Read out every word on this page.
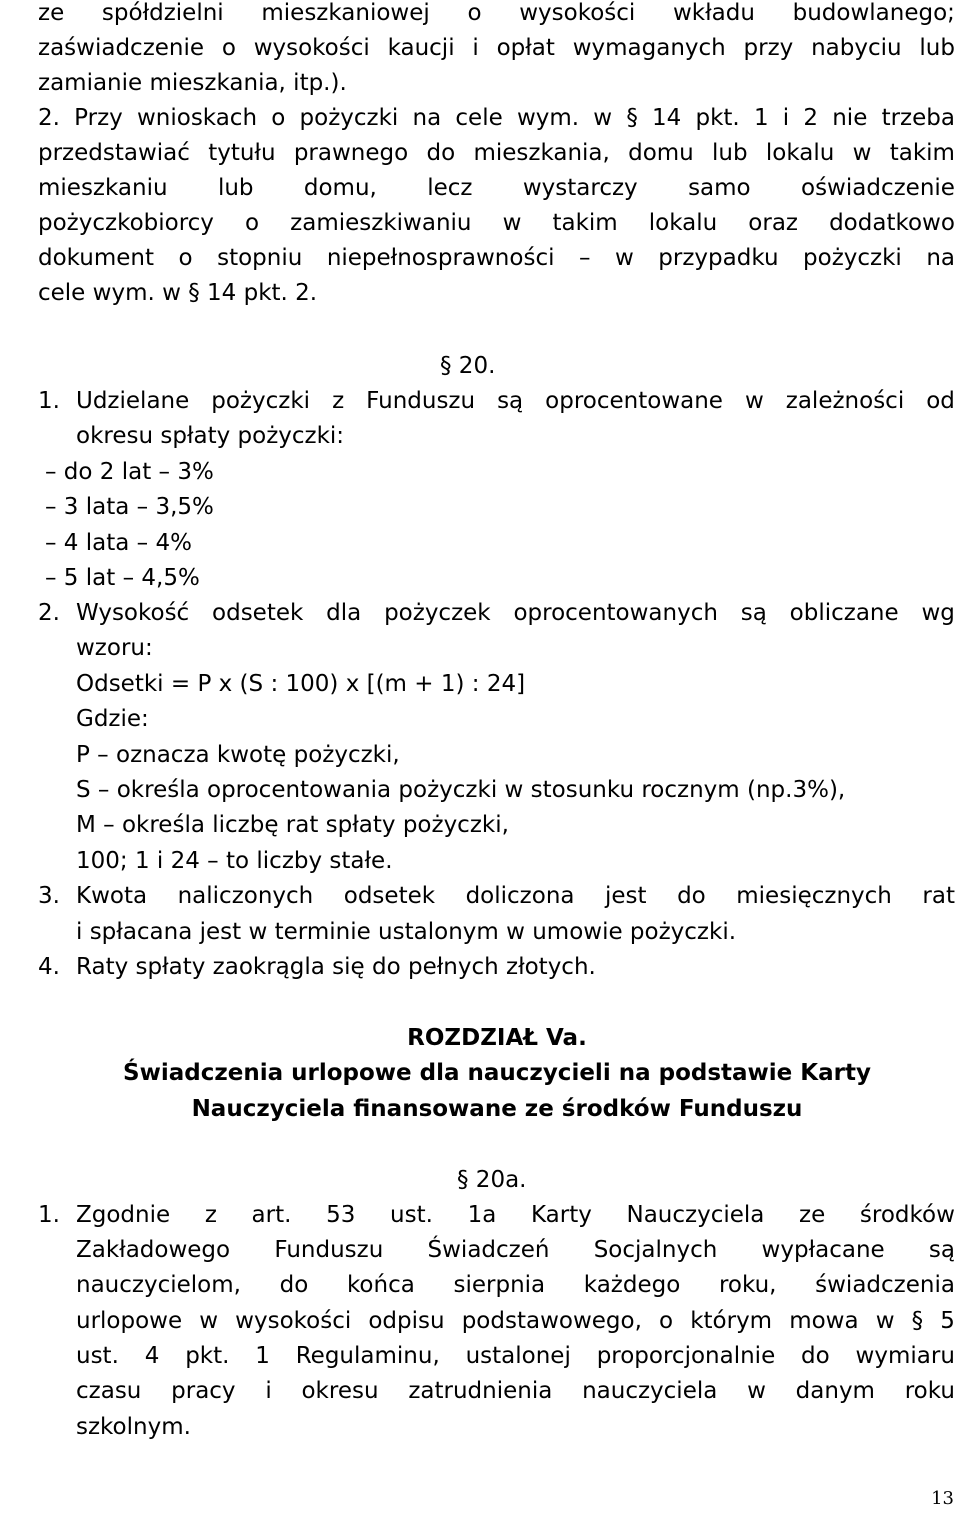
ze spółdzielni mieszkaniowej o wysokości wkładu budowlanego;
zaświadczenie o wysokości kaucji i opłat wymaganych przy nabyciu lub
zamianie mieszkania, itp.).
2. Przy wnioskach o pożyczki na cele wym. w § 14 pkt. 1 i 2 nie trzeba
przedstawiać tytułu prawnego do mieszkania, domu lub lokalu w takim
mieszkaniu lub domu, lecz wystarczy samo oświadczenie
pożyczkobiorcy o zamieszkiwaniu w takim lokalu oraz dodatkowo
dokument o stopniu niepełnosprawności – w przypadku pożyczki na
cele wym. w § 14 pkt. 2.
§ 20.
1. Udzielane pożyczki z Funduszu są oprocentowane w zależności od
okresu spłaty pożyczki:
– do 2 lat – 3%
– 3 lata – 3,5%
– 4 lata – 4%
– 5 lat – 4,5%
2. Wysokość odsetek dla pożyczek oprocentowanych są obliczane wg
wzoru:
Odsetki = P x (S : 100) x [(m + 1) : 24]
Gdzie:
P – oznacza kwotę pożyczki,
S – określa oprocentowania pożyczki w stosunku rocznym (np.3%),
M – określa liczbę rat spłaty pożyczki,
100; 1 i 24 – to liczby stałe.
3. Kwota naliczonych odsetek doliczona jest do miesięcznych rat
i spłacana jest w terminie ustalonym w umowie pożyczki.
4. Raty spłaty zaokrągla się do pełnych złotych.
ROZDZIAŁ Va.
Świadczenia urlopowe dla nauczycieli na podstawie Karty
Nauczyciela finansowane ze środków Funduszu
§ 20a.
1. Zgodnie z art. 53 ust. 1a Karty Nauczyciela ze środków
Zakładowego Funduszu Świadczeń Socjalnych wypłacane są
nauczycielom, do końca sierpnia każdego roku, świadczenia
urlopowe w wysokości odpisu podstawowego, o którym mowa w § 5
ust. 4 pkt. 1 Regulaminu, ustalonej proporcjonalnie do wymiaru
czasu pracy i okresu zatrudnienia nauczyciela w danym roku
szkolnym.
13
